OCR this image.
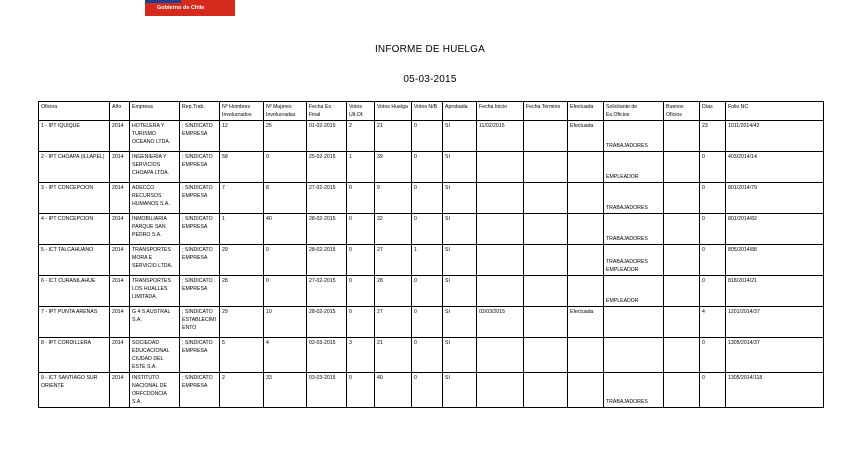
Gobierno de Chile
INFORME DE HUELGA
05-03-2015
Oficina	Año	Empresa	Rep.Trab.	Nº Hombres Involucrados	Nº Mujeres Involucradas	Fecha Ex. Final	Votos Ult.Of.	Votos Huelga	Votos N/B	Aprobada	Fecha Inicio	Fecha Termino	Efectuada	Solicitante de Ex.Oficios	Buenos Oficios	Días	Folio NC
1 - IPT IQUIQUE	2014	HOTELERA Y TURISMO OCEANO LTDA.	; SINDICATO EMPRESA	12	25	01-02-2015	2	21	0	SI	11/02/2015		Efectuada	TRABAJADORES		23	1011/2014/42
2 - IPT CHOAPA (ILLAPEL)	2014	INGENIERIA Y SERVICIOS CHOAPA LTDA.	; SINDICATO EMPRESA	58	0	25-02-2015	1	39	0	SI				EMPLEADOR		0	403/2014/14
3 - IPT CONCEPCION	2014	ADECCO RECURSOS HUMANOS S.A.	; SINDICATO EMPRESA	7	8	27-02-2015	0	9	0	SI				TRABAJADORES		0	801/2014/79
4 - IPT CONCEPCION	2014	INMOBILIARIA PARQUE SAN PEDRO S.A.	; SINDICATO EMPRESA	1	40	28-02-2015	0	32	0	SI				TRABAJADORES		0	801/2014/82
5 - ICT TALCAHUANO	2014	TRANSPORTES MORA E SERVICIO LTDA.	; SINDICATO EMPRESA	29	0	28-02-2015	0	27	1	SI				TRABAJADORES EMPLEADOR		0	805/2014/88
6 - ICT CURANILAHUE	2014	TRANSPORTES LOS HUALLES LIMITADA.	; SINDICATO EMPRESA	28	0	27-02-2015	0	28	0	SI				EMPLEADOR		0	818/2014/21
7 - IPT PUNTA ARENAS	2014	G 4 S AUSTRAL S.A.	; SINDICATO ESTABLECIMIENTO	29	10	28-02-2015	0	27	0	SI	02/03/2015		Efectuada			4	1201/2014/37
8 - IPT CORDILLERA	2014	SOCIEDAD EDUCACIONAL CIUDAD DEL ESTE S.A.	; SINDICATO EMPRESA	5	4	02-03-2015	3	21	0	SI						0	1305/2014/37
9 - ICT SANTIAGO SUR ORIENTE	2014	INSTITUTO NACIONAL DE ORFCDONCIA S.A.	; SINDICATO EMPRESA	2	33	03-03-2015	0	40	0	SI				TRABAJADORES		0	1305/2014/118
